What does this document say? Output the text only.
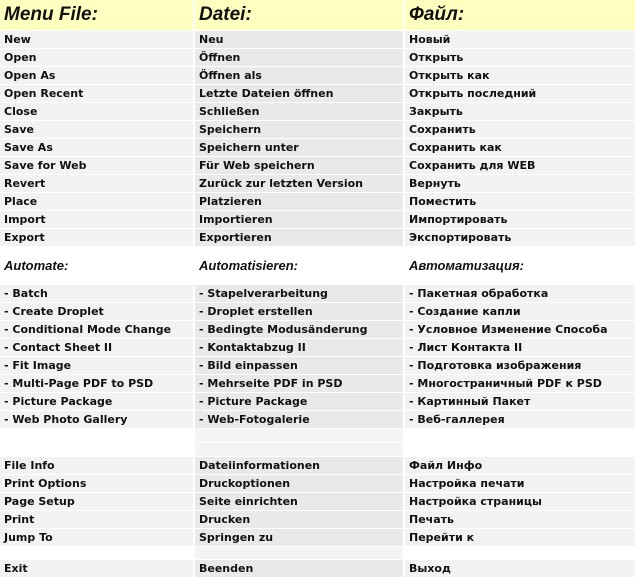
Menu File:	Datei:	Файл:
New	Neu	Новый
Open	Öffnen	Открыть
Open As	Öffnen als	Открыть как
Open Recent	Letzte Dateien öffnen	Открыть последний
Close	Schließen	Закрыть
Save	Speichern	Сохранить
Save As	Speichern unter	Сохранить как
Save for Web	Für Web speichern	Сохранить для WEB
Revert	Zurück zur letzten Version	Вернуть
Place	Platzieren	Поместить
Import	Importieren	Импортировать
Export	Exportieren	Экспортировать
Automate:	Automatisieren:	Автоматизация:
- Batch	- Stapelverarbeitung	- Пакетная обработка
- Create Droplet	- Droplet erstellen	- Создание капли
- Conditional Mode Change	- Bedingte Modusänderung	- Условное Изменение Способа
- Contact Sheet II	- Kontaktabzug II	- Лист Контакта II
- Fit Image	- Bild einpassen	- Подготовка изображения
- Multi-Page PDF to PSD	- Mehrseite PDF in PSD	- Многостраничный PDF к PSD
- Picture Package	- Picture Package	- Картинный Пакет
- Web Photo Gallery	- Web-Fotogalerie	- Веб-галлерея

File Info	Dateiinformationen	Файл Инфо
Print Options	Druckoptionen	Настройка печати
Page Setup	Seite einrichten	Настройка страницы
Print	Drucken	Печать
Jump To	Springen zu	Перейти к

Exit	Beenden	Выход
